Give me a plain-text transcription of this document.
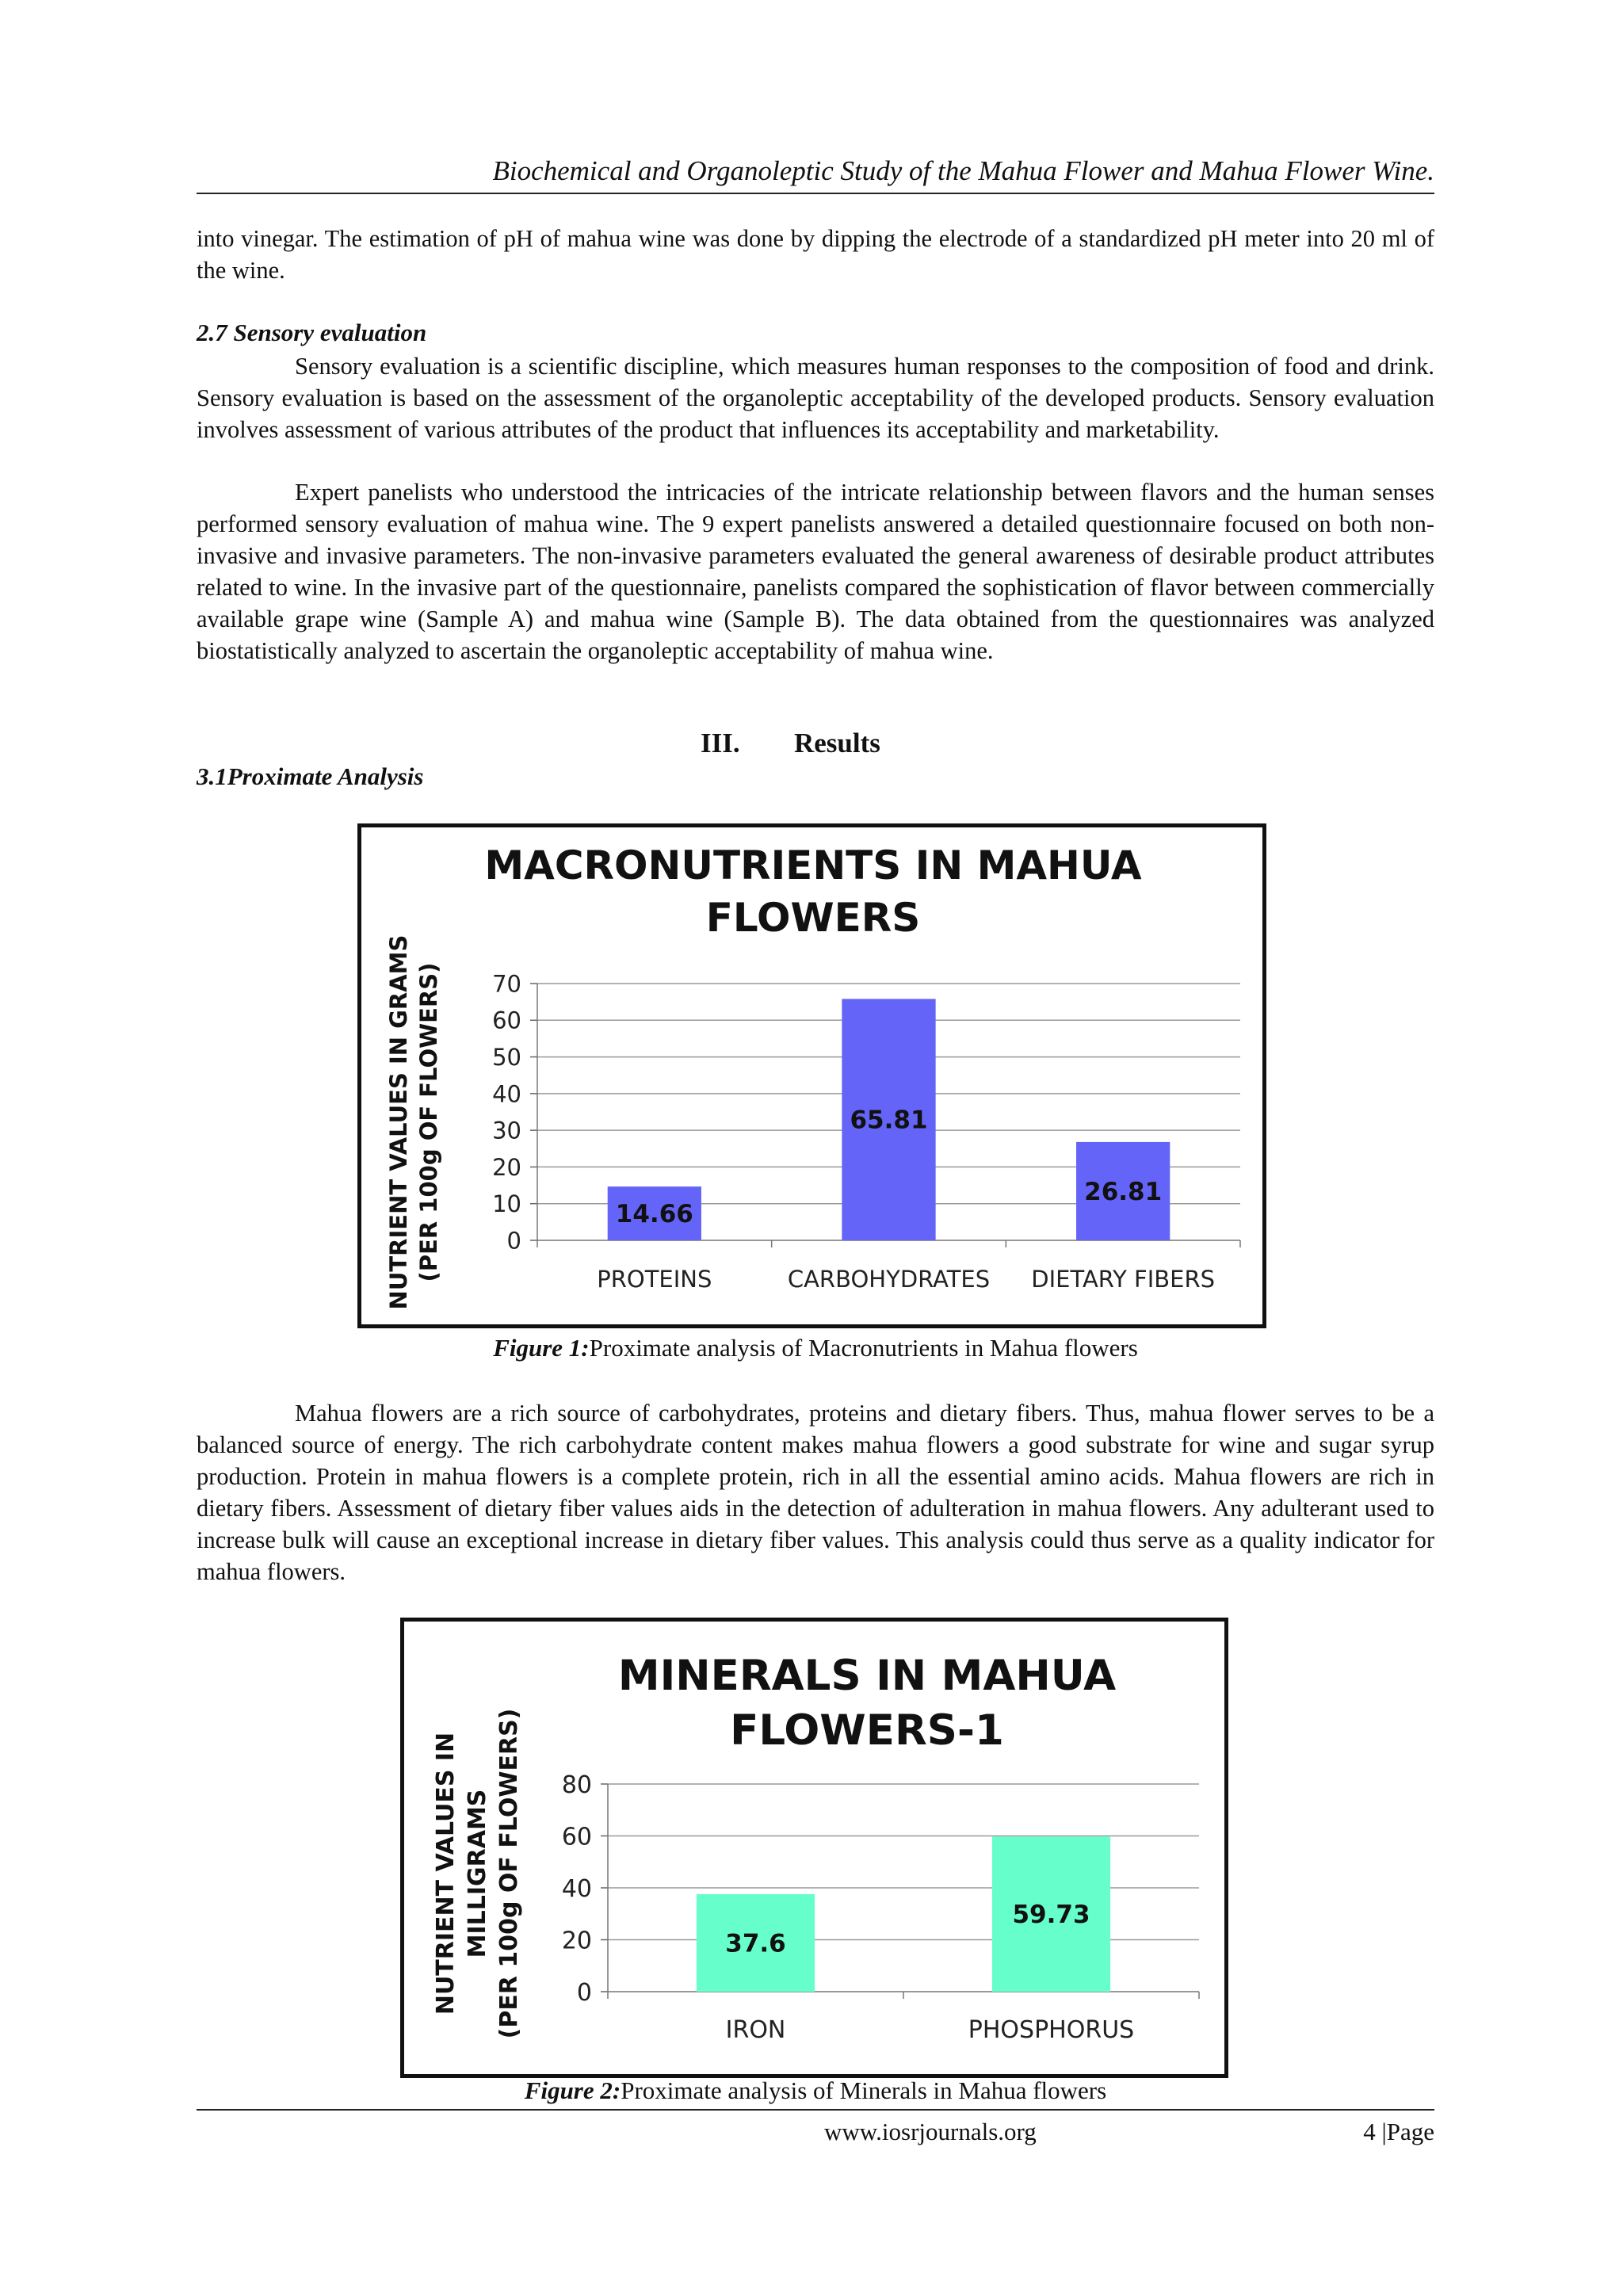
Biochemical and Organoleptic Study of the Mahua Flower and Mahua Flower Wine.

into vinegar. The estimation of pH of mahua wine was done by dipping the electrode of a standardized pH meter into 20 ml of the wine.

2.7 Sensory evaluation

Sensory evaluation is a scientific discipline, which measures human responses to the composition of food and drink. Sensory evaluation is based on the assessment of the organoleptic acceptability of the developed products. Sensory evaluation involves assessment of various attributes of the product that influences its acceptability and marketability.

Expert panelists who understood the intricacies of the intricate relationship between flavors and the human senses performed sensory evaluation of mahua wine. The 9 expert panelists answered a detailed questionnaire focused on both non-invasive and invasive parameters. The non-invasive parameters evaluated the general awareness of desirable product attributes related to wine. In the invasive part of the questionnaire, panelists compared the sophistication of flavor between commercially available grape wine (Sample A) and mahua wine (Sample B). The data obtained from the questionnaires was analyzed biostatistically analyzed to ascertain the organoleptic acceptability of mahua wine.

III. Results

3.1Proximate Analysis

MACRONUTRIENTS IN MAHUA
FLOWERS
NUTRIENT VALUES IN GRAMS (PER 100g OF FLOWERS)	0
10
20
30
40
50
60
70
PROTEINS
14.66
CARBOHYDRATES
65.81
DIETARY FIBERS
26.81
Figure 1:Proximate analysis of Macronutrients in Mahua flowers

Mahua flowers are a rich source of carbohydrates, proteins and dietary fibers. Thus, mahua flower serves to be a balanced source of energy. The rich carbohydrate content makes mahua flowers a good substrate for wine and sugar syrup production. Protein in mahua flowers is a complete protein, rich in all the essential amino acids. Mahua flowers are rich in dietary fibers. Assessment of dietary fiber values aids in the detection of adulteration in mahua flowers. Any adulterant used to increase bulk will cause an exceptional increase in dietary fiber values. This analysis could thus serve as a quality indicator for mahua flowers.

MINERALS IN MAHUA
FLOWERS-1
NUTRIENT VALUES IN MILLIGRAMS (PER 100g OF FLOWERS) 0
20
40
60
80
IRON
37.6
PHOSPHORUS
59.73
Figure 2:Proximate analysis of Minerals in Mahua flowers
www.iosrjournals.org	4 |Page
